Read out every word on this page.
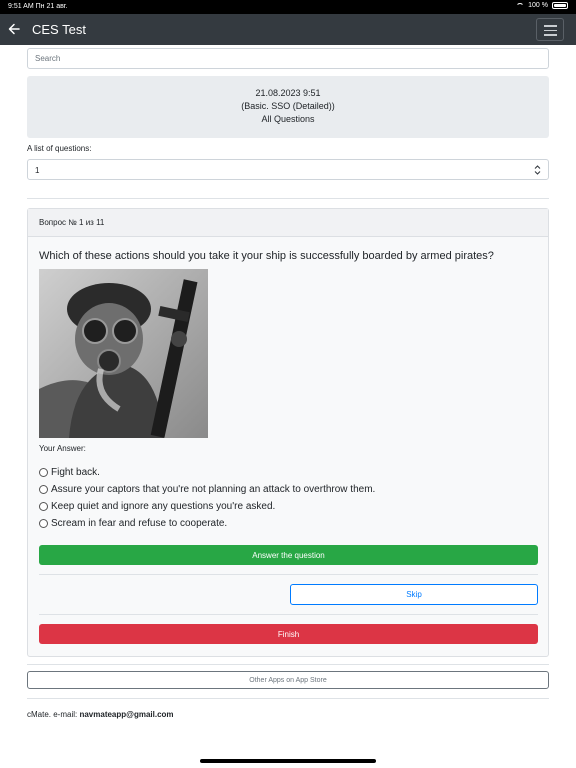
9:51 AM Пн 21 авг.	100 %
CES Test
Search
21.08.2023 9:51
(Basic. SSO (Detailed))
All Questions
A list of questions:
1
Вопрос № 1 из 11
Which of these actions should you take it your ship is successfully boarded by armed pirates?
Your Answer:
Fight back.
Assure your captors that you're not planning an attack to overthrow them.
Keep quiet and ignore any questions you're asked.
Scream in fear and refuse to cooperate.
Answer the question
Skip
Finish
Other Apps on App Store
cMate. e-mail: navmateapp@gmail.com
